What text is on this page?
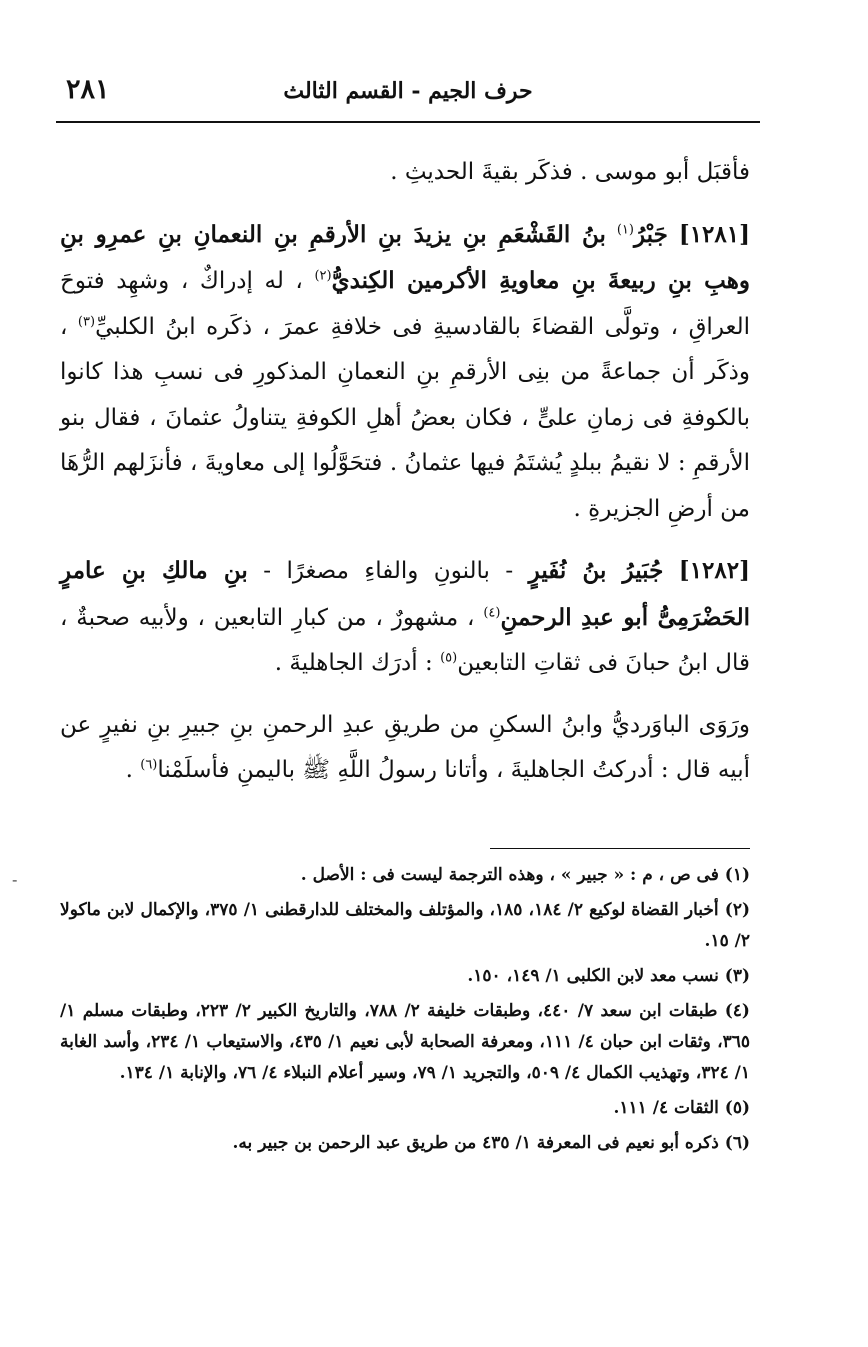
٢٨١	حرف الجيم - القسم الثالث

فأقبَل أبو موسى . فذكَر بقيةَ الحديثِ .

[١٢٨١] جَبْرُ$^{(١)}$ بنُ القَشْعَمِ بنِ يزيدَ بنِ الأرقمِ بنِ النعمانِ بنِ عمرِو بنِ وهبِ بنِ ربيعةَ بنِ معاويةِ الأكرمين الكِنديُّ$^{(٢)}$ ، له إدراكٌ ، وشهِد فتوحَ العراقِ ، وتولَّى القضاءَ بالقادسيةِ فى خلافةِ عمرَ ، ذكَره ابنُ الكلبيِّ$^{(٣)}$ ، وذكَر أن جماعةً من بنِى الأرقمِ بنِ النعمانِ المذكورِ فى نسبِ هذا كانوا بالكوفةِ فى زمانِ علىٍّ ، فكان بعضُ أهلِ الكوفةِ يتناولُ عثمانَ ، فقال بنو الأرقمِ : لا نقيمُ ببلدٍ يُشتَمُ فيها عثمانُ . فتحَوَّلُوا إلى معاويةَ ، فأنزَلهم الرُّهَا من أرضِ الجزيرةِ .

[١٢٨٢] جُبَيرُ بنُ نُفَيرٍ - بالنونِ والفاءِ مصغرًا - بنِ مالكِ بنِ عامرٍ الحَضْرَمِىُّ أبو عبدِ الرحمنِ$^{(٤)}$ ، مشهورٌ ، من كبارِ التابعين ، ولأبيه صحبةٌ ، قال ابنُ حبانَ فى ثقاتِ التابعين$^{(٥)}$ : أدرَك الجاهليةَ .

ورَوَى الباوَرديُّ وابنُ السكنِ من طريقِ عبدِ الرحمنِ بنِ جبيرِ بنِ نفيرٍ عن أبيه قال : أدركتُ الجاهليةَ ، وأتانا رسولُ اللَّهِ ﷺ باليمنِ فأسلَمْنا$^{(٦)}$ .

-	(١) فى ص ، م : « جبير » ، وهذه الترجمة ليست فى : الأصل .

(٢) أخبار القضاة لوكيع ٢/ ١٨٤، ١٨٥، والمؤتلف والمختلف للدارقطنى ١/ ٣٧٥، والإكمال لابن ماكولا ٢/ ١٥.

(٣) نسب معد لابن الكلبى ١/ ١٤٩، ١٥٠.

(٤) طبقات ابن سعد ٧/ ٤٤٠، وطبقات خليفة ٢/ ٧٨٨، والتاريخ الكبير ٢/ ٢٢٣، وطبقات مسلم ١/ ٣٦٥، وثقات ابن حبان ٤/ ١١١، ومعرفة الصحابة لأبى نعيم ١/ ٤٣٥، والاستيعاب ١/ ٢٣٤، وأسد الغابة ١/ ٣٢٤، وتهذيب الكمال ٤/ ٥٠٩، والتجريد ١/ ٧٩، وسير أعلام النبلاء ٤/ ٧٦، والإنابة ١/ ١٣٤.

(٥) الثقات ٤/ ١١١.

(٦) ذكره أبو نعيم فى المعرفة ١/ ٤٣٥ من طريق عبد الرحمن بن جبير به.
